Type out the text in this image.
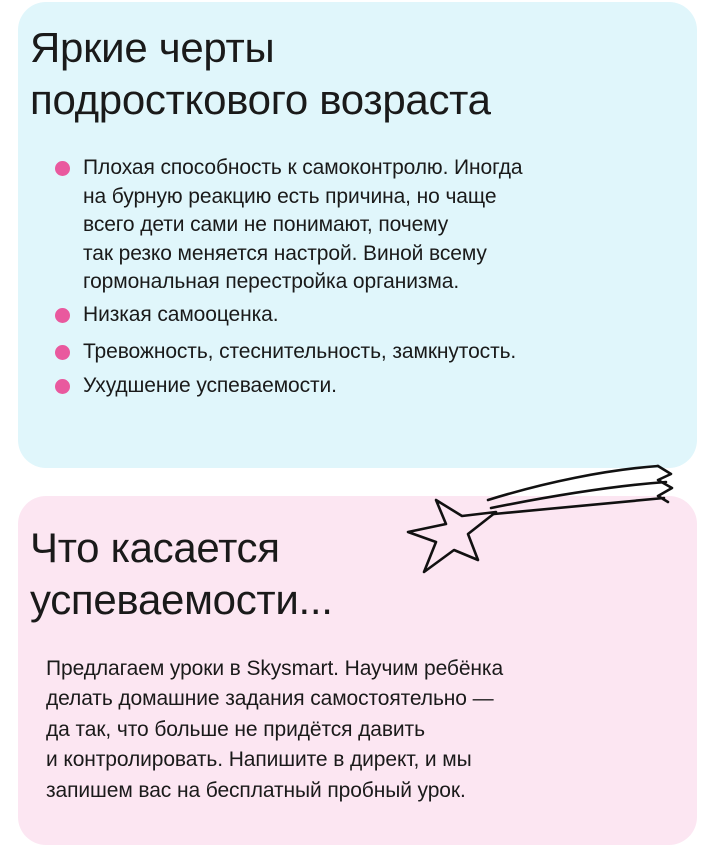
Яркие черты
подросткового возраста
Плохая способность к самоконтролю. Иногда
на бурную реакцию есть причина, но чаще
всего дети сами не понимают, почему
так резко меняется настрой. Виной всему
гормональная перестройка организма.
Низкая самооценка.
Тревожность, стеснительность, замкнутость.
Ухудшение успеваемости.
Что касается
успеваемости...

Предлагаем уроки в Skysmart. Научим ребёнка
делать домашние задания самостоятельно —
да так, что больше не придётся давить
и контролировать. Напишите в директ, и мы
запишем вас на бесплатный пробный урок.
